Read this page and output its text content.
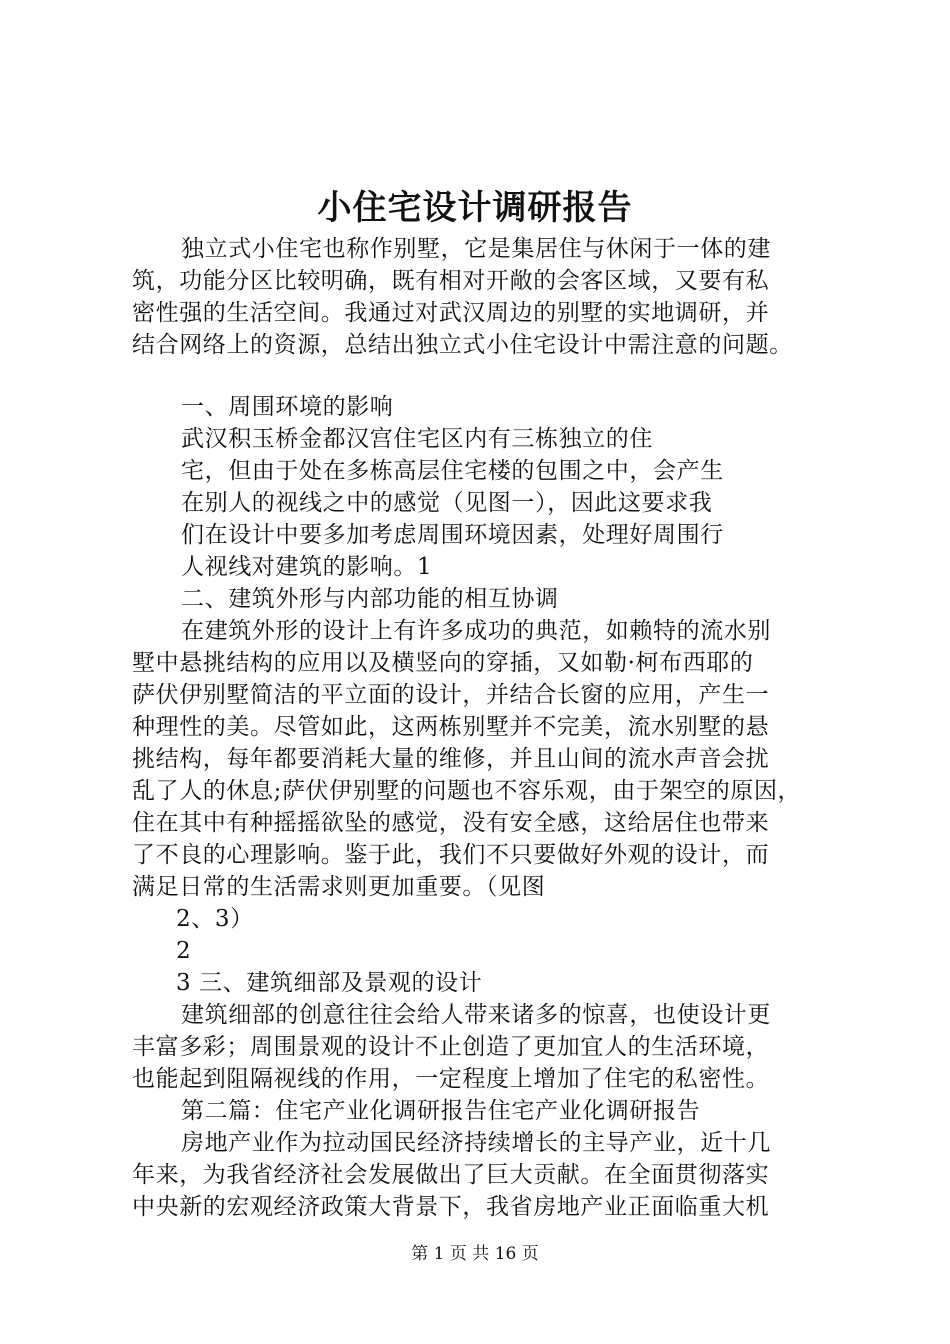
小住宅设计调研报告
独立式小住宅也称作别墅，它是集居住与休闲于一体的建
筑，功能分区比较明确，既有相对开敞的会客区域，又要有私
密性强的生活空间。我通过对武汉周边的别墅的实地调研，并
结合网络上的资源，总结出独立式小住宅设计中需注意的问题。
一、周围环境的影响
武汉积玉桥金都汉宫住宅区内有三栋独立的住
宅，但由于处在多栋高层住宅楼的包围之中，会产生
在别人的视线之中的感觉（见图一），因此这要求我
们在设计中要多加考虑周围环境因素，处理好周围行
人视线对建筑的影响。1
二、建筑外形与内部功能的相互协调
在建筑外形的设计上有许多成功的典范，如赖特的流水别
墅中悬挑结构的应用以及横竖向的穿插，又如勒·柯布西耶的
萨伏伊别墅简洁的平立面的设计，并结合长窗的应用，产生一
种理性的美。尽管如此，这两栋别墅并不完美，流水别墅的悬
挑结构，每年都要消耗大量的维修，并且山间的流水声音会扰
乱了人的休息;萨伏伊别墅的问题也不容乐观，由于架空的原因，
住在其中有种摇摇欲坠的感觉，没有安全感，这给居住也带来
了不良的心理影响。鉴于此，我们不只要做好外观的设计，而
满足日常的生活需求则更加重要。（见图
2、3）
2
3 三、建筑细部及景观的设计
建筑细部的创意往往会给人带来诸多的惊喜，也使设计更
丰富多彩；周围景观的设计不止创造了更加宜人的生活环境，
也能起到阻隔视线的作用，一定程度上增加了住宅的私密性。
第二篇：住宅产业化调研报告住宅产业化调研报告
房地产业作为拉动国民经济持续增长的主导产业，近十几
年来，为我省经济社会发展做出了巨大贡献。在全面贯彻落实
中央新的宏观经济政策大背景下，我省房地产业正面临重大机
第 1 页 共 16 页
